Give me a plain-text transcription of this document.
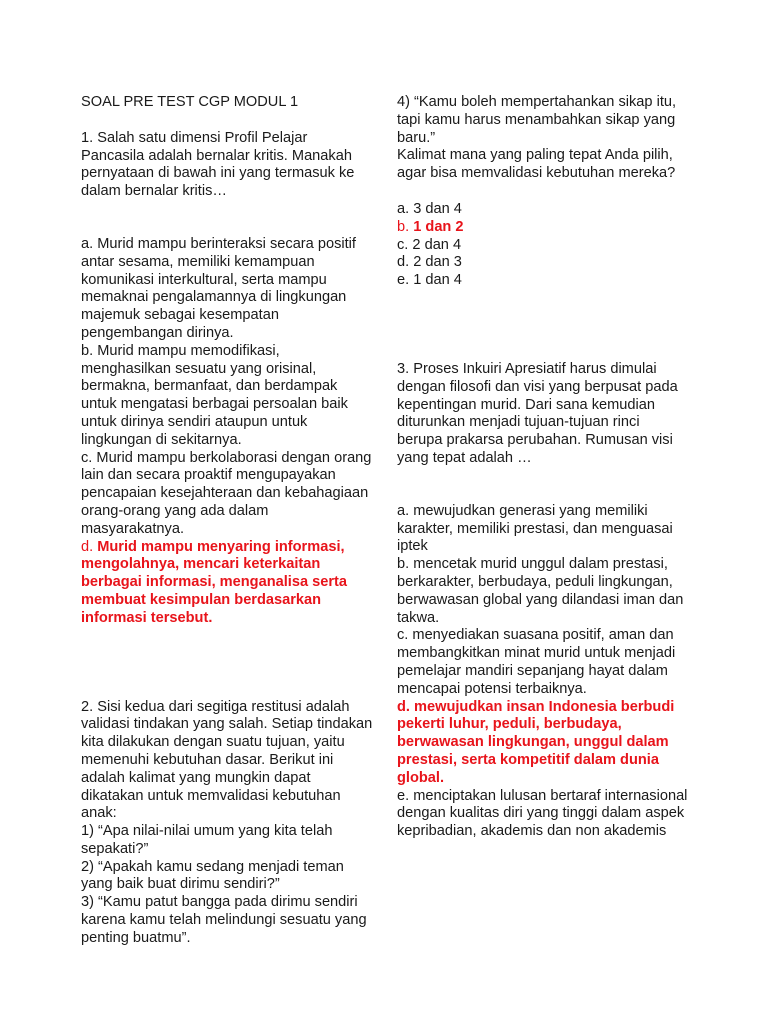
SOAL PRE TEST CGP MODUL 1

1. Salah satu dimensi Profil Pelajar Pancasila adalah bernalar kritis. Manakah pernyataan di bawah ini yang termasuk ke dalam bernalar kritis…

a. Murid mampu berinteraksi secara positif antar sesama, memiliki kemampuan komunikasi interkultural, serta mampu memaknai pengalamannya di lingkungan majemuk sebagai kesempatan pengembangan dirinya.

b. Murid mampu memodifikasi, menghasilkan sesuatu yang orisinal, bermakna, bermanfaat, dan berdampak untuk mengatasi berbagai persoalan baik untuk dirinya sendiri ataupun untuk lingkungan di sekitarnya.

c. Murid mampu berkolaborasi dengan orang lain dan secara proaktif mengupayakan pencapaian kesejahteraan dan kebahagiaan orang-orang yang ada dalam masyarakatnya.

d. Murid mampu menyaring informasi, mengolahnya, mencari keterkaitan berbagai informasi, menganalisa serta membuat kesimpulan berdasarkan informasi tersebut.

2. Sisi kedua dari segitiga restitusi adalah validasi tindakan yang salah. Setiap tindakan kita dilakukan dengan suatu tujuan, yaitu memenuhi kebutuhan dasar. Berikut ini adalah kalimat yang mungkin dapat dikatakan untuk memvalidasi kebutuhan anak:

1) “Apa nilai-nilai umum yang kita telah sepakati?”

2) “Apakah kamu sedang menjadi teman yang baik buat dirimu sendiri?”

3) “Kamu patut bangga pada dirimu sendiri karena kamu telah melindungi sesuatu yang penting buatmu”.

4) “Kamu boleh mempertahankan sikap itu, tapi kamu harus menambahkan sikap yang baru.”

Kalimat mana yang paling tepat Anda pilih, agar bisa memvalidasi kebutuhan mereka?

a. 3 dan 4

b. 1 dan 2

c. 2 dan 4

d. 2 dan 3

e. 1 dan 4

3. Proses Inkuiri Apresiatif harus dimulai dengan filosofi dan visi yang berpusat pada kepentingan murid. Dari sana kemudian diturunkan menjadi tujuan-tujuan rinci berupa prakarsa perubahan. Rumusan visi yang tepat adalah …

a. mewujudkan generasi yang memiliki karakter, memiliki prestasi, dan menguasai iptek

b. mencetak murid unggul dalam prestasi, berkarakter, berbudaya, peduli lingkungan, berwawasan global yang dilandasi iman dan takwa.

c. menyediakan suasana positif, aman dan membangkitkan minat murid untuk menjadi pemelajar mandiri sepanjang hayat dalam mencapai potensi terbaiknya.

d. mewujudkan insan Indonesia berbudi pekerti luhur, peduli, berbudaya, berwawasan lingkungan, unggul dalam prestasi, serta kompetitif dalam dunia global.

e. menciptakan lulusan bertaraf internasional dengan kualitas diri yang tinggi dalam aspek kepribadian, akademis dan non akademis
